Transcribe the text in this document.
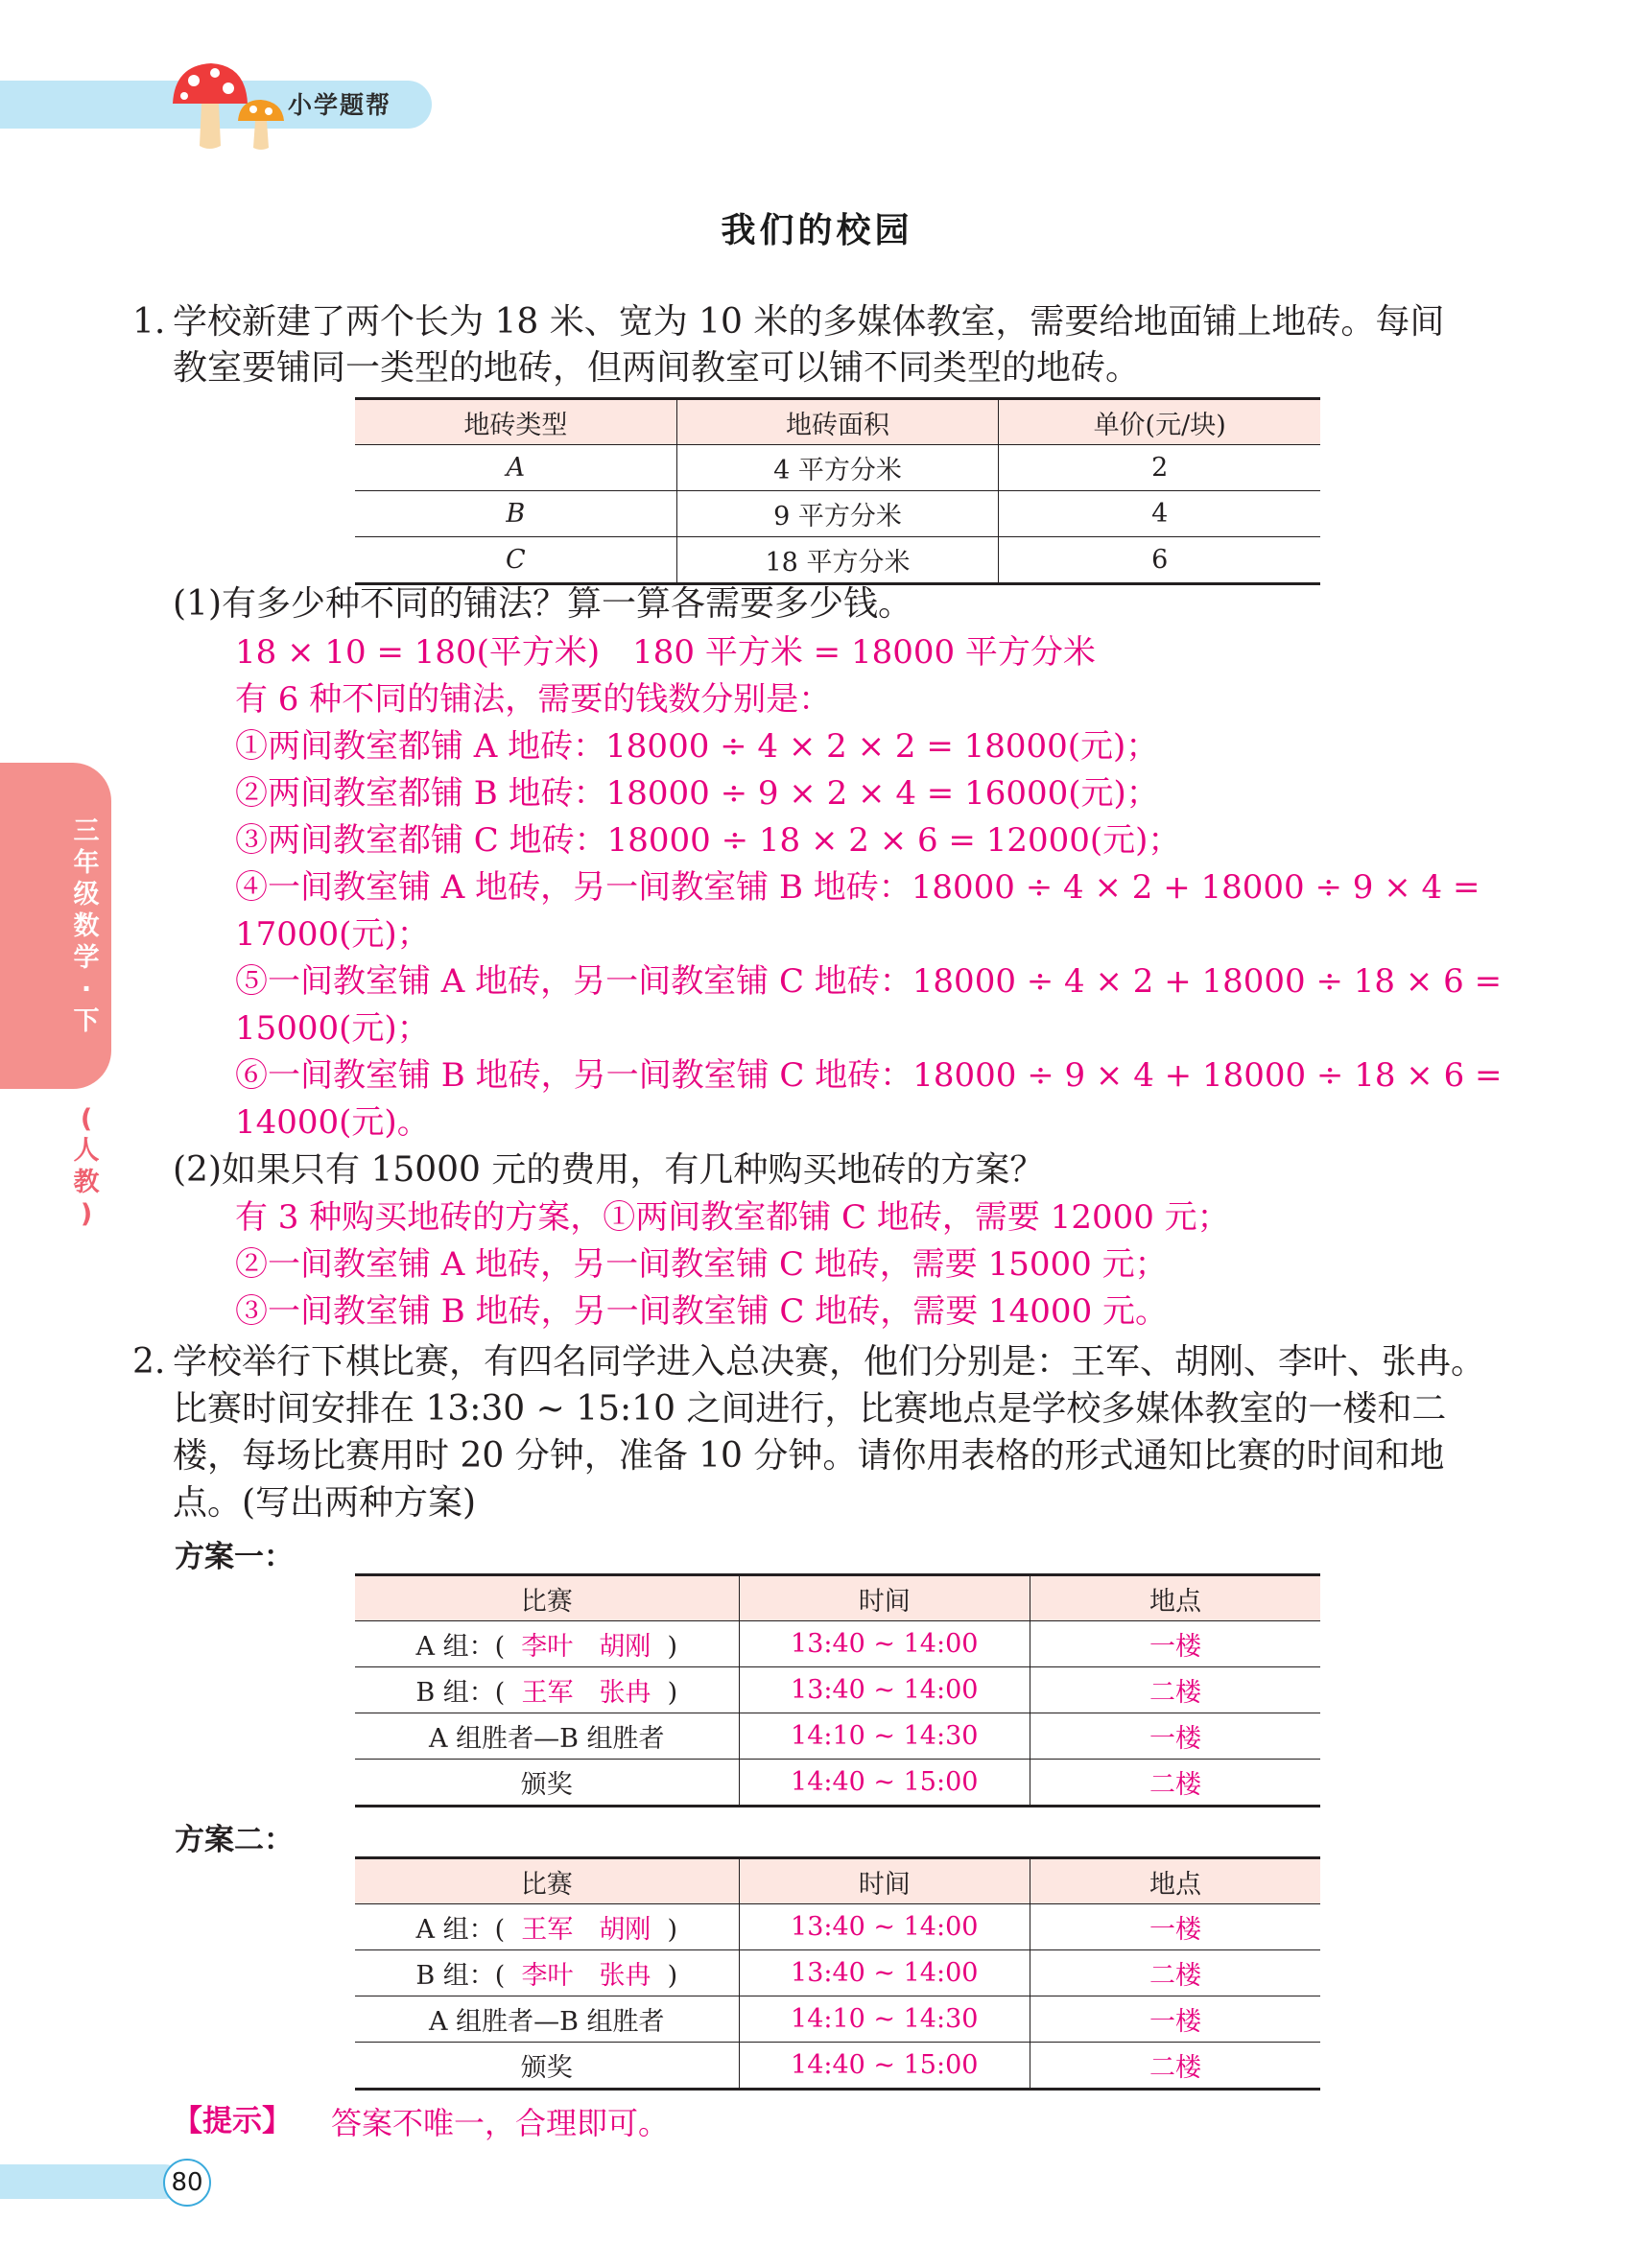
小学题帮
三
年
级
数
学
·
下
(
人
教
)
我们的校园
1. 学校新建了两个长为 18 米、宽为 10 米的多媒体教室，需要给地面铺上地砖。每间
教室要铺同一类型的地砖，但两间教室可以铺不同类型的地砖。
地砖类型	地砖面积	单价(元/块)
A	4 平方分米	2
B	9 平方分米	4
C	18 平方分米	6
(1)有多少种不同的铺法？算一算各需要多少钱。
18 × 10 = 180(平方米)　180 平方米 = 18000 平方分米
有 6 种不同的铺法，需要的钱数分别是：
①两间教室都铺 A 地砖：18000 ÷ 4 × 2 × 2 = 18000(元)；
②两间教室都铺 B 地砖：18000 ÷ 9 × 2 × 4 = 16000(元)；
③两间教室都铺 C 地砖：18000 ÷ 18 × 2 × 6 = 12000(元)；
④一间教室铺 A 地砖，另一间教室铺 B 地砖：18000 ÷ 4 × 2 + 18000 ÷ 9 × 4 =
17000(元)；
⑤一间教室铺 A 地砖，另一间教室铺 C 地砖：18000 ÷ 4 × 2 + 18000 ÷ 18 × 6 =
15000(元)；
⑥一间教室铺 B 地砖，另一间教室铺 C 地砖：18000 ÷ 9 × 4 + 18000 ÷ 18 × 6 =
14000(元)。
(2)如果只有 15000 元的费用，有几种购买地砖的方案？
有 3 种购买地砖的方案，①两间教室都铺 C 地砖，需要 12000 元；
②一间教室铺 A 地砖，另一间教室铺 C 地砖，需要 15000 元；
③一间教室铺 B 地砖，另一间教室铺 C 地砖，需要 14000 元。
2. 学校举行下棋比赛，有四名同学进入总决赛，他们分别是：王军、胡刚、李叶、张冉。
比赛时间安排在 13:30 ~ 15:10 之间进行，比赛地点是学校多媒体教室的一楼和二
楼，每场比赛用时 20 分钟，准备 10 分钟。请你用表格的形式通知比赛的时间和地
点。(写出两种方案)
方案一：
比赛	时间	地点
A 组：( 李叶　胡刚 )	13:40 ~ 14:00	一楼
B 组：( 王军　张冉 )	13:40 ~ 14:00	二楼
A 组胜者—B 组胜者	14:10 ~ 14:30	一楼
颁奖	14:40 ~ 15:00	二楼
方案二：
比赛	时间	地点
A 组：( 王军　胡刚 )	13:40 ~ 14:00	一楼
B 组：( 李叶　张冉 )	13:40 ~ 14:00	二楼
A 组胜者—B 组胜者	14:10 ~ 14:30	一楼
颁奖	14:40 ~ 15:00	二楼
【提示】 答案不唯一，合理即可。
80
